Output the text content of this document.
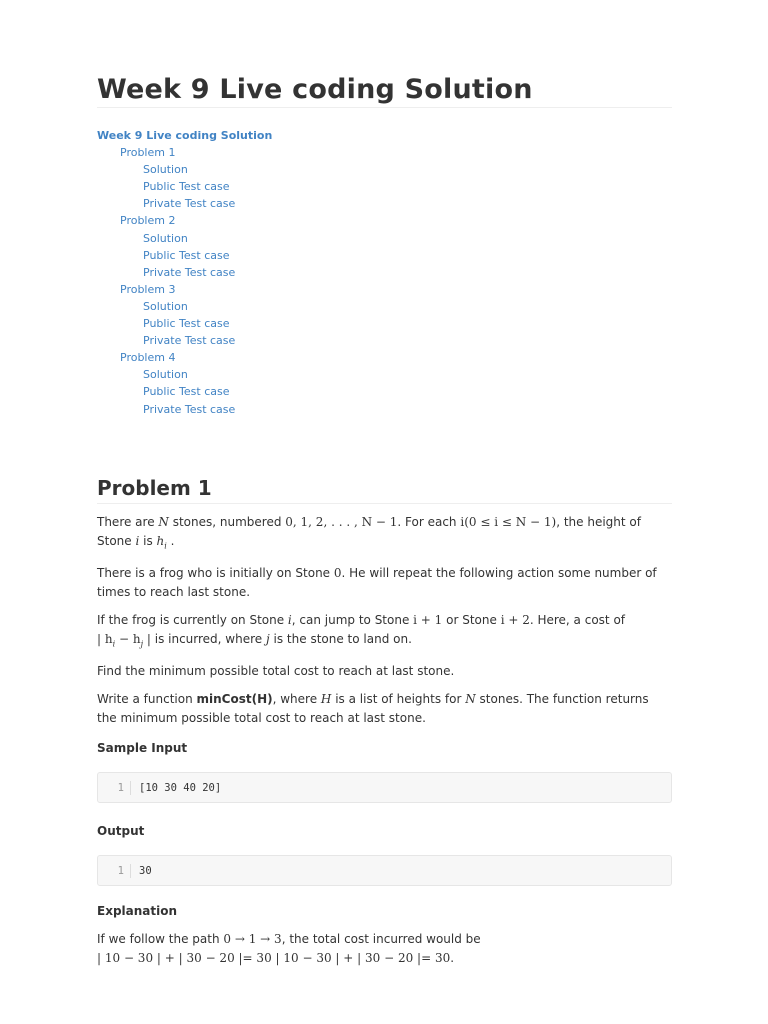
Week 9 Live coding Solution
Week 9 Live coding Solution
Problem 1
Solution
Public Test case
Private Test case
Problem 2
Solution
Public Test case
Private Test case
Problem 3
Solution
Public Test case
Private Test case
Problem 4
Solution
Public Test case
Private Test case
Problem 1

There are N stones, numbered 0, 1, 2, . . . , N − 1. For each i(0 ≤ i ≤ N − 1), the height of Stone i is $h_i$ .

There is a frog who is initially on Stone 0. He will repeat the following action some number of times to reach last stone.

If the frog is currently on Stone i, can jump to Stone i + 1 or Stone i + 2. Here, a cost of
| $h_i - h_j$ | is incurred, where j is the stone to land on.

Find the minimum possible total cost to reach at last stone.

Write a function minCost(H), where H is a list of heights for N stones. The function returns the minimum possible total cost to reach at last stone.

Sample Input

1	[10 30 40 20]

Output

1	30

Explanation

If we follow the path 0 → 1 → 3, the total cost incurred would be
| 10 − 30 | + | 30 − 20 |= 30 | 10 − 30 | + | 30 − 20 |= 30.
